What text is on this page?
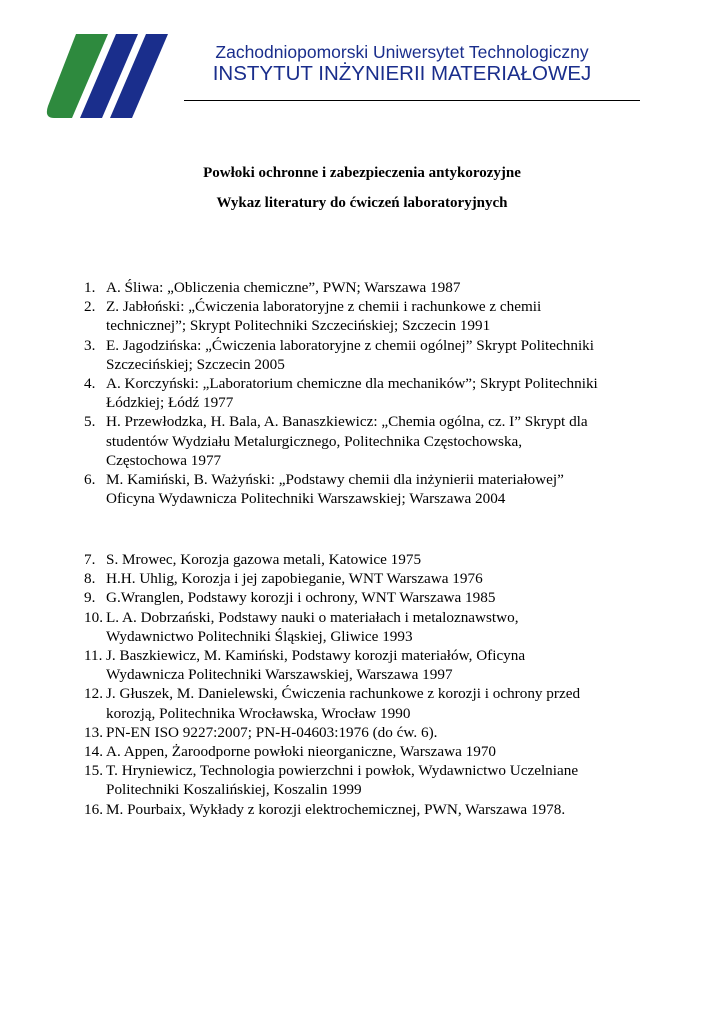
Zachodniopomorski Uniwersytet Technologiczny
INSTYTUT INŻYNIERII MATERIAŁOWEJ
Powłoki ochronne i zabezpieczenia antykorozyjne
Wykaz literatury do ćwiczeń laboratoryjnych
1. A. Śliwa: „Obliczenia chemiczne”, PWN; Warszawa 1987
2. Z. Jabłoński: „Ćwiczenia laboratoryjne z chemii i rachunkowe z chemii
technicznej”; Skrypt Politechniki Szczecińskiej; Szczecin 1991
3. E. Jagodzińska: „Ćwiczenia laboratoryjne z chemii ogólnej” Skrypt Politechniki
Szczecińskiej; Szczecin 2005
4. A. Korczyński: „Laboratorium chemiczne dla mechaników”; Skrypt Politechniki
Łódzkiej; Łódź 1977
5. H. Przewłodzka, H. Bala, A. Banaszkiewicz: „Chemia ogólna, cz. I” Skrypt dla
studentów Wydziału Metalurgicznego, Politechnika Częstochowska,
Częstochowa 1977
6. M. Kamiński, B. Ważyński: „Podstawy chemii dla inżynierii materiałowej”
Oficyna Wydawnicza Politechniki Warszawskiej; Warszawa 2004
7. S. Mrowec, Korozja gazowa metali, Katowice 1975
8. H.H. Uhlig, Korozja i jej zapobieganie, WNT Warszawa 1976
9. G.Wranglen, Podstawy korozji i ochrony, WNT Warszawa 1985
10. L. A. Dobrzański, Podstawy nauki o materiałach i metaloznawstwo,
Wydawnictwo Politechniki Śląskiej, Gliwice 1993
11. J. Baszkiewicz, M. Kamiński, Podstawy korozji materiałów, Oficyna
Wydawnicza Politechniki Warszawskiej, Warszawa 1997
12. J. Głuszek, M. Danielewski, Ćwiczenia rachunkowe z korozji i ochrony przed
korozją, Politechnika Wrocławska, Wrocław 1990
13. PN-EN ISO 9227:2007; PN-H-04603:1976 (do ćw. 6).
14. A. Appen, Żaroodporne powłoki nieorganiczne, Warszawa 1970
15. T. Hryniewicz, Technologia powierzchni i powłok, Wydawnictwo Uczelniane
Politechniki Koszalińskiej, Koszalin 1999
16. M. Pourbaix, Wykłady z korozji elektrochemicznej, PWN, Warszawa 1978.
